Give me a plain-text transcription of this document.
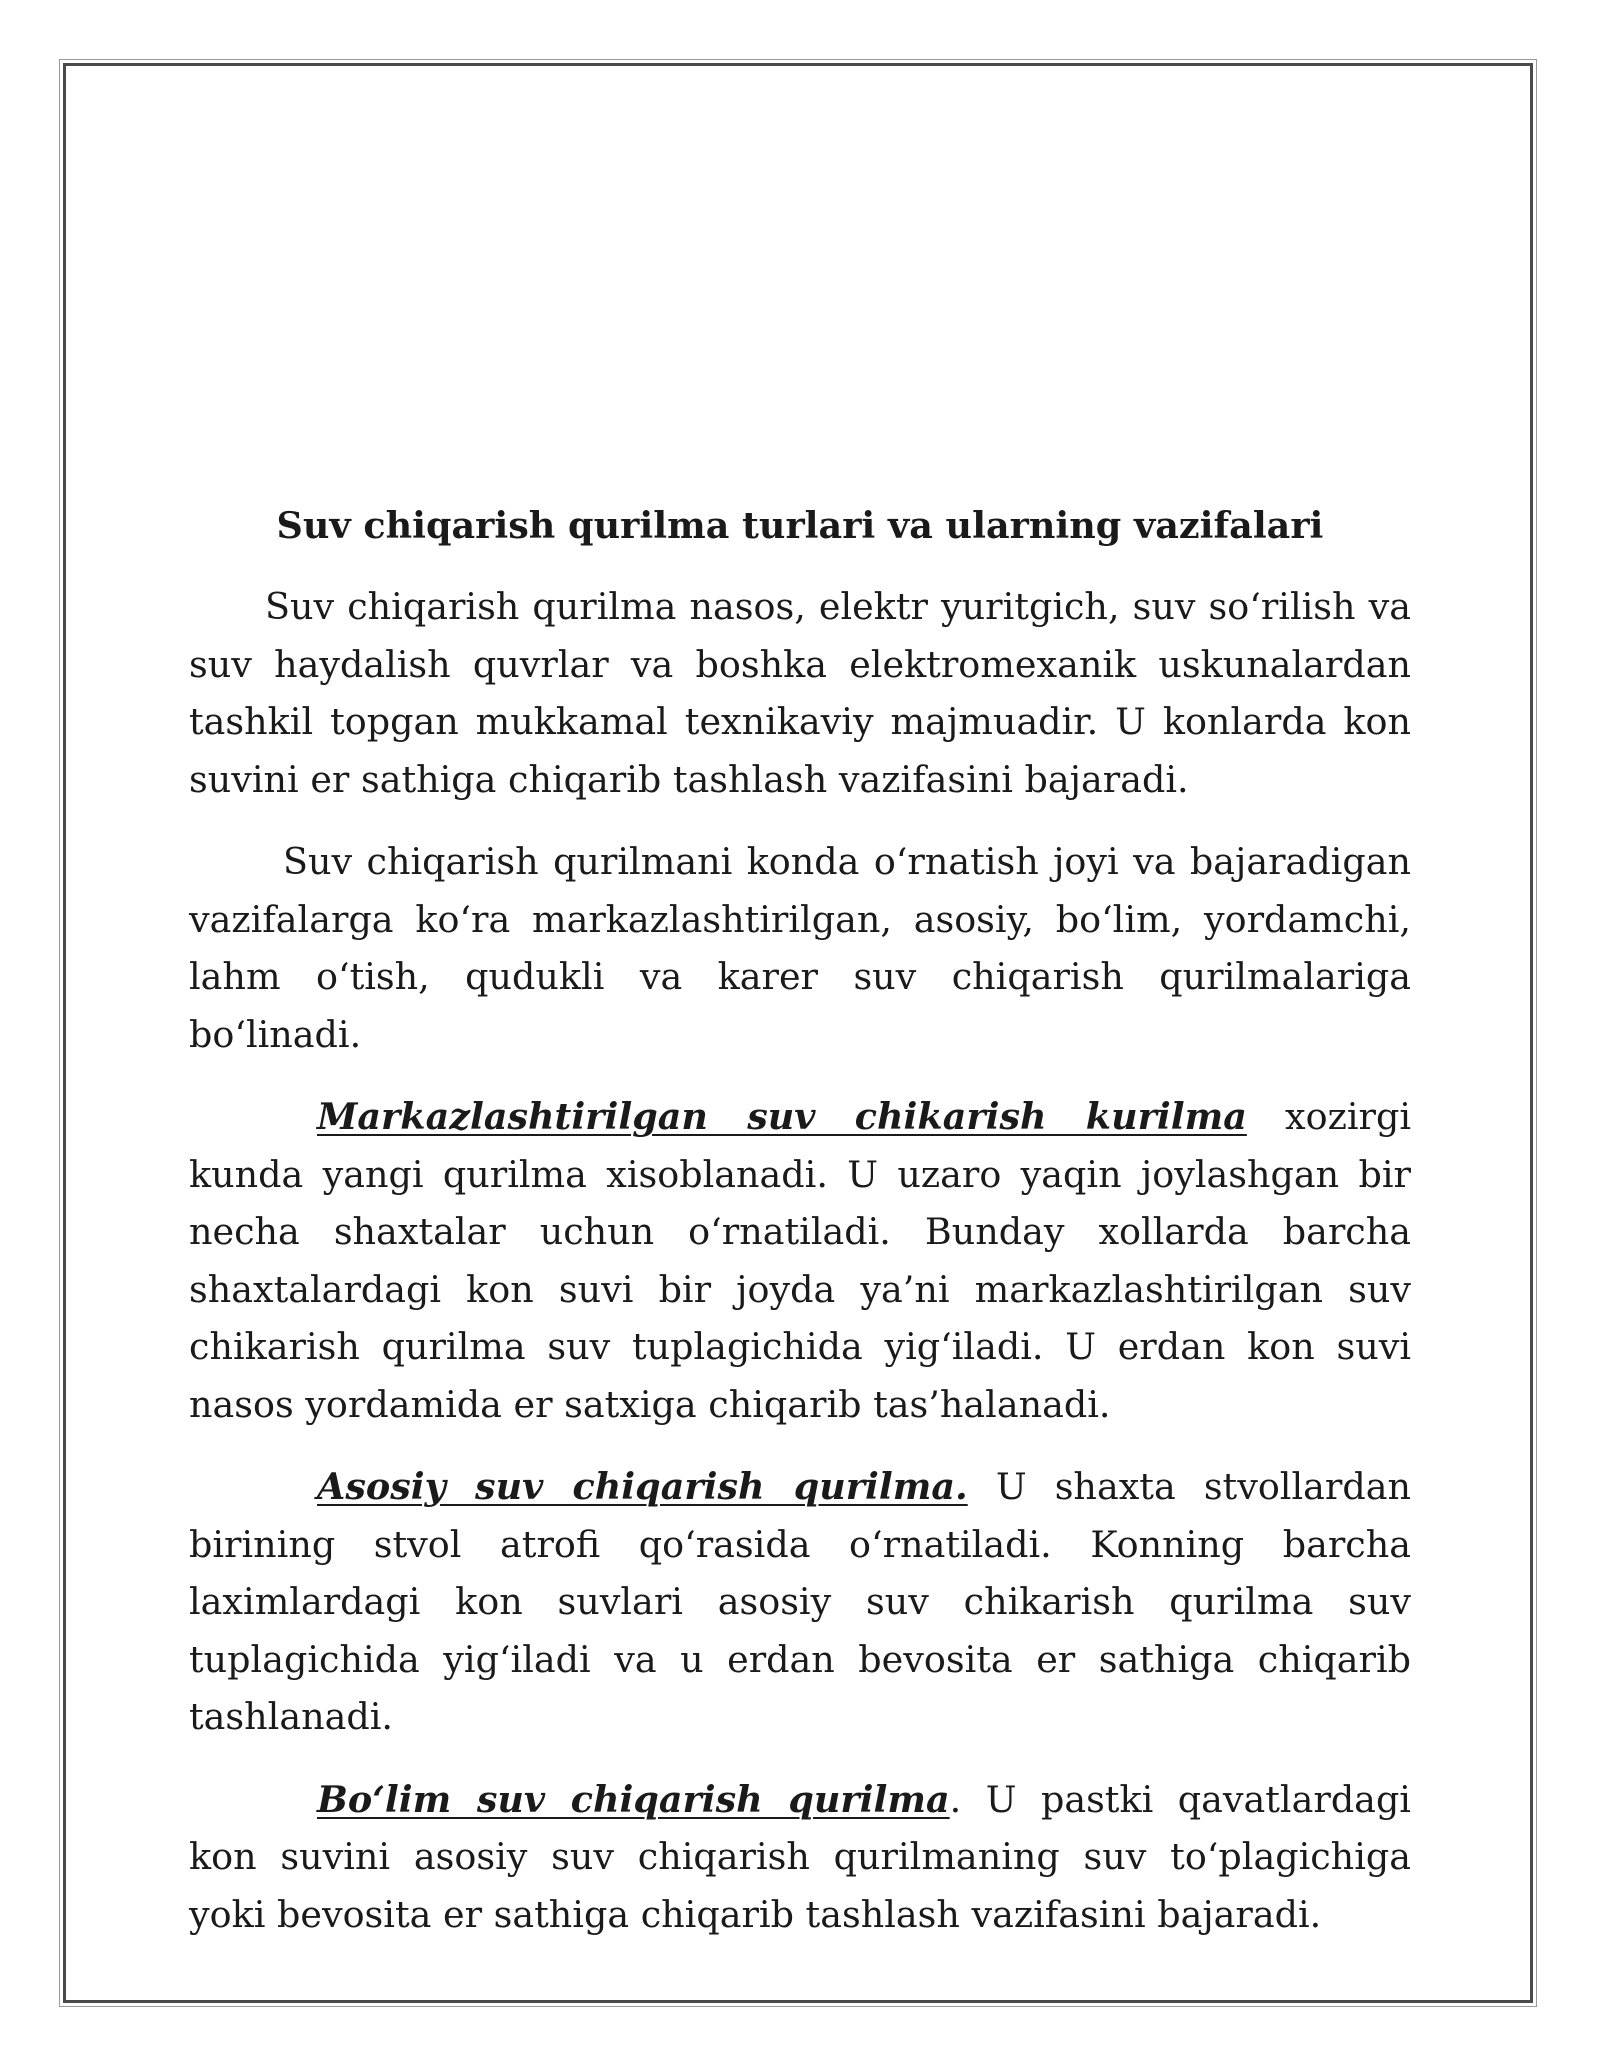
Suv chiqarish qurilma turlari va ularning vazifalari

Suv chiqarish qurilma nasos, elektr yuritgich, suv so‘rilish va suv haydalish quvrlar va boshka elektromexanik uskunalardan tashkil topgan mukkamal texnikaviy majmuadir. U konlarda kon suvini er sathiga chiqarib tashlash vazifasini bajaradi.

Suv chiqarish qurilmani konda o‘rnatish joyi va bajaradigan vazifalarga ko‘ra markazlashtirilgan, asosiy, bo‘lim, yordamchi, lahm o‘tish, qudukli va karer suv chiqarish qurilmalariga bo‘linadi.

Markazlashtirilgan suv chikarish kurilma xozirgi kunda yangi qurilma xisoblanadi. U uzaro yaqin joylashgan bir necha shaxtalar uchun o‘rnatiladi. Bunday xollarda barcha shaxtalardagi kon suvi bir joyda ya’ni markazlashtirilgan suv chikarish qurilma suv tuplagichida yig‘iladi. U erdan kon suvi nasos yordamida er satxiga chiqarib tas’halanadi.

Asosiy suv chiqarish qurilma. U shaxta stvollardan birining stvol atrofi qo‘rasida o‘rnatiladi. Konning barcha laximlardagi kon suvlari asosiy suv chikarish qurilma suv tuplagichida yig‘iladi va u erdan bevosita er sathiga chiqarib tashlanadi.

Bo‘lim suv chiqarish qurilma. U pastki qavatlardagi kon suvini asosiy suv chiqarish qurilmaning suv to‘plagichiga yoki bevosita er sathiga chiqarib tashlash vazifasini bajaradi.
